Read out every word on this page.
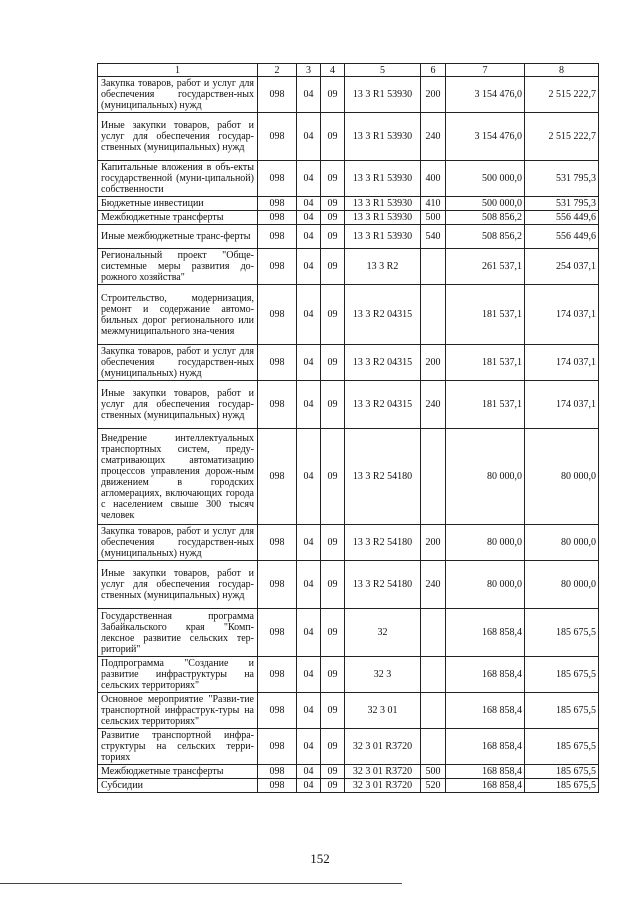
1	2	3	4	5	6	7	8
Закупка товаров, работ и услуг для обеспечения государствен-ных (муниципальных) нужд	098	04	09	13 3 R1 53930	200	3 154 476,0	2 515 222,7
Иные закупки товаров, работ и услуг для обеспечения государ-ственных (муниципальных) нужд	098	04	09	13 3 R1 53930	240	3 154 476,0	2 515 222,7
Капитальные вложения в объ-екты государственной (муни-ципальной) собственности	098	04	09	13 3 R1 53930	400	500 000,0	531 795,3
Бюджетные инвестиции	098	04	09	13 3 R1 53930	410	500 000,0	531 795,3
Межбюджетные трансферты	098	04	09	13 3 R1 53930	500	508 856,2	556 449,6
Иные межбюджетные транс-ферты	098	04	09	13 3 R1 53930	540	508 856,2	556 449,6
Региональный проект "Обще-системные меры развития до-рожного хозяйства"	098	04	09	13 3 R2		261 537,1	254 037,1
Строительство, модернизация, ремонт и содержание автомо-бильных дорог регионального или межмуниципального зна-чения	098	04	09	13 3 R2 04315		181 537,1	174 037,1
Закупка товаров, работ и услуг для обеспечения государствен-ных (муниципальных) нужд	098	04	09	13 3 R2 04315	200	181 537,1	174 037,1
Иные закупки товаров, работ и услуг для обеспечения государ-ственных (муниципальных) нужд	098	04	09	13 3 R2 04315	240	181 537,1	174 037,1
Внедрение интеллектуальных транспортных систем, преду-сматривающих автоматизацию процессов управления дорож-ным движением в городских агломерациях, включающих города с населением свыше 300 тысяч человек	098	04	09	13 3 R2 54180		80 000,0	80 000,0
Закупка товаров, работ и услуг для обеспечения государствен-ных (муниципальных) нужд	098	04	09	13 3 R2 54180	200	80 000,0	80 000,0
Иные закупки товаров, работ и услуг для обеспечения государ-ственных (муниципальных) нужд	098	04	09	13 3 R2 54180	240	80 000,0	80 000,0
Государственная программа Забайкальского края "Комп-лексное развитие сельских тер-риторий"	098	04	09	32		168 858,4	185 675,5
Подпрограмма "Создание и развитие инфраструктуры на сельских территориях"	098	04	09	32 3		168 858,4	185 675,5
Основное мероприятие "Разви-тие транспортной инфраструк-туры на сельских территориях"	098	04	09	32 3 01		168 858,4	185 675,5
Развитие транспортной инфра-структуры на сельских терри-ториях	098	04	09	32 3 01 R3720		168 858,4	185 675,5
Межбюджетные трансферты	098	04	09	32 3 01 R3720	500	168 858,4	185 675,5
Субсидии	098	04	09	32 3 01 R3720	520	168 858,4	185 675,5
152
